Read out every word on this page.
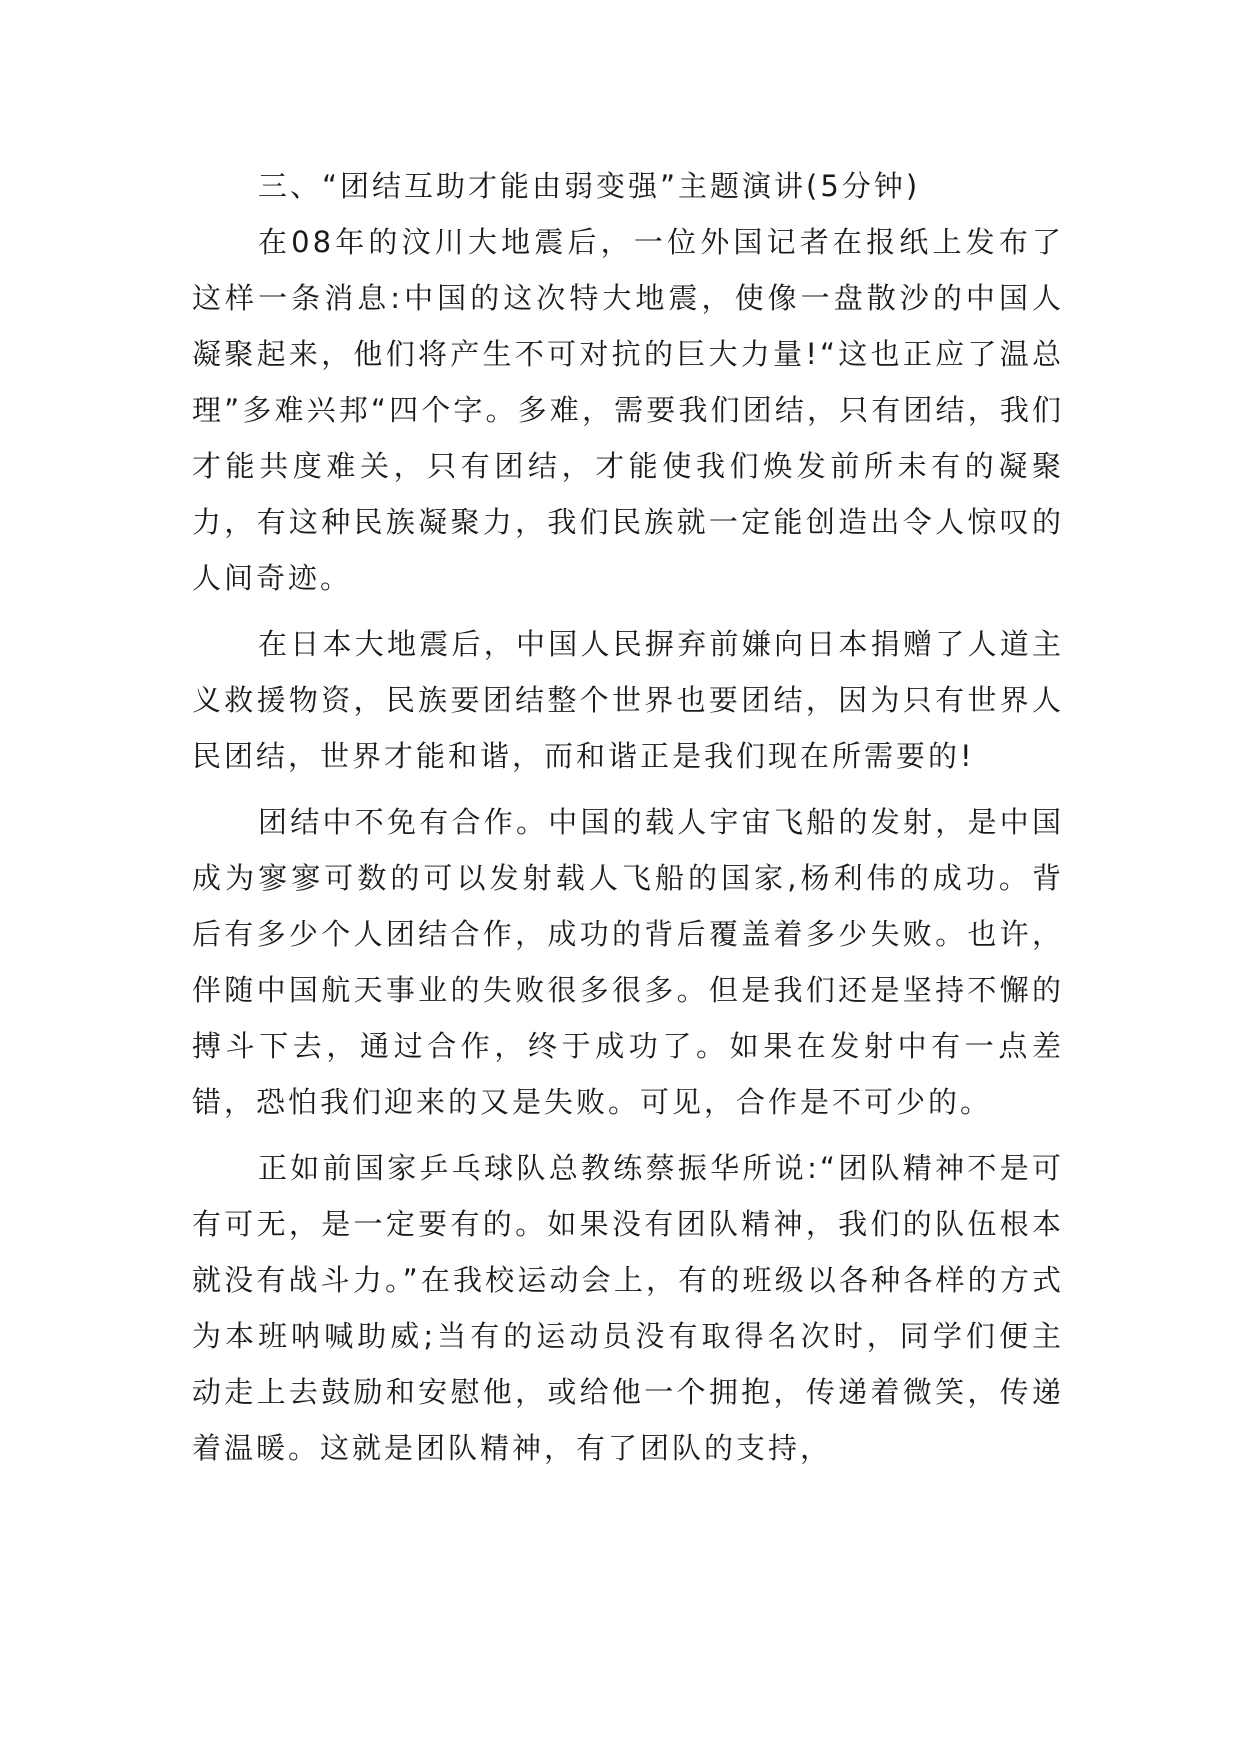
三、“团结互助才能由弱变强”主题演讲(5分钟)

在08年的汶川大地震后，一位外国记者在报纸上发布了这样一条消息:中国的这次特大地震，使像一盘散沙的中国人凝聚起来，他们将产生不可对抗的巨大力量!“这也正应了温总理”多难兴邦“四个字。多难，需要我们团结，只有团结，我们才能共度难关，只有团结，才能使我们焕发前所未有的凝聚力，有这种民族凝聚力，我们民族就一定能创造出令人惊叹的人间奇迹。

在日本大地震后，中国人民摒弃前嫌向日本捐赠了人道主义救援物资，民族要团结整个世界也要团结，因为只有世界人民团结，世界才能和谐，而和谐正是我们现在所需要的!

团结中不免有合作。中国的载人宇宙飞船的发射，是中国成为寥寥可数的可以发射载人飞船的国家,杨利伟的成功。背后有多少个人团结合作，成功的背后覆盖着多少失败。也许，伴随中国航天事业的失败很多很多。但是我们还是坚持不懈的搏斗下去，通过合作，终于成功了。如果在发射中有一点差错，恐怕我们迎来的又是失败。可见，合作是不可少的。

正如前国家乒乓球队总教练蔡振华所说:“团队精神不是可有可无，是一定要有的。如果没有团队精神，我们的队伍根本就没有战斗力。”在我校运动会上，有的班级以各种各样的方式为本班呐喊助威;当有的运动员没有取得名次时，同学们便主动走上去鼓励和安慰他，或给他一个拥抱，传递着微笑，传递着温暖。这就是团队精神，有了团队的支持，
